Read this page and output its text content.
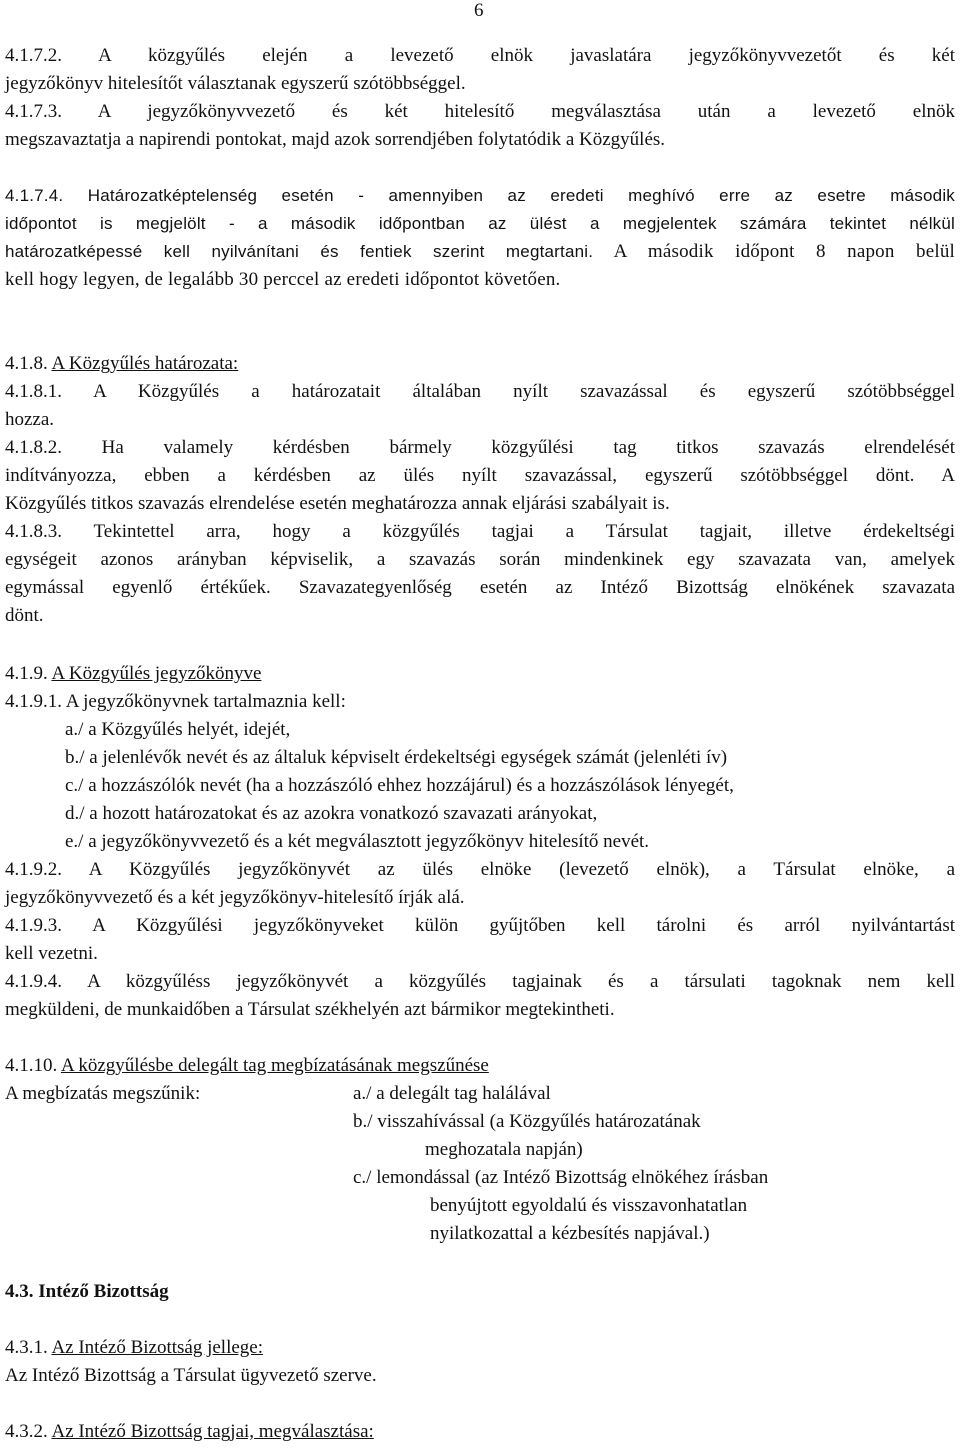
6
4.1.7.2. A közgyűlés elején a levezető elnök javaslatára jegyzőkönyvvezetőt és két
jegyzőkönyv hitelesítőt választanak egyszerű szótöbbséggel.
4.1.7.3. A jegyzőkönyvvezető és két hitelesítő megválasztása után a levezető elnök
megszavaztatja a napirendi pontokat, majd azok sorrendjében folytatódik a Közgyűlés.
4.1.7.4. Határozatképtelenség esetén - amennyiben az eredeti meghívó erre az esetre második
időpontot is megjelölt - a második időpontban az ülést a megjelentek számára tekintet nélkül
határozatképessé kell nyilvánítani és fentiek szerint megtartani. A második időpont 8 napon belül
kell hogy legyen, de legalább 30 perccel az eredeti időpontot követően.
4.1.8. A Közgyűlés határozata:
4.1.8.1. A Közgyűlés a határozatait általában nyílt szavazással és egyszerű szótöbbséggel
hozza.
4.1.8.2. Ha valamely kérdésben bármely közgyűlési tag titkos szavazás elrendelését
indítványozza, ebben a kérdésben az ülés nyílt szavazással, egyszerű szótöbbséggel dönt. A
Közgyűlés titkos szavazás elrendelése esetén meghatározza annak eljárási szabályait is.
4.1.8.3. Tekintettel arra, hogy a közgyűlés tagjai a Társulat tagjait, illetve érdekeltségi
egységeit azonos arányban képviselik, a szavazás során mindenkinek egy szavazata van, amelyek
egymással egyenlő értékűek. Szavazategyenlőség esetén az Intéző Bizottság elnökének szavazata
dönt.
4.1.9. A Közgyűlés jegyzőkönyve
4.1.9.1. A jegyzőkönyvnek tartalmaznia kell:
a./ a Közgyűlés helyét, idejét,
b./ a jelenlévők nevét és az általuk képviselt érdekeltségi egységek számát (jelenléti ív)
c./ a hozzászólók nevét (ha a hozzászóló ehhez hozzájárul) és a hozzászólások lényegét,
d./ a hozott határozatokat és az azokra vonatkozó szavazati arányokat,
e./ a jegyzőkönyvvezető és a két megválasztott jegyzőkönyv hitelesítő nevét.
4.1.9.2. A Közgyűlés jegyzőkönyvét az ülés elnöke (levezető elnök), a Társulat elnöke, a
jegyzőkönyvvezető és a két jegyzőkönyv-hitelesítő írják alá.
4.1.9.3. A Közgyűlési jegyzőkönyveket külön gyűjtőben kell tárolni és arról nyilvántartást
kell vezetni.
4.1.9.4. A közgyűléss jegyzőkönyvét a közgyűlés tagjainak és a társulati tagoknak nem kell
megküldeni, de munkaidőben a Társulat székhelyén azt bármikor megtekintheti.
4.1.10. A közgyűlésbe delegált tag megbízatásának megszűnése
A megbízatás megszűnik:	a./ a delegált tag halálával
b./ visszahívással (a Közgyűlés határozatának
meghozatala napján)
c./ lemondással (az Intéző Bizottság elnökéhez írásban
benyújtott egyoldalú és visszavonhatatlan
nyilatkozattal a kézbesítés napjával.)
4.3. Intéző Bizottság
4.3.1. Az Intéző Bizottság jellege:
Az Intéző Bizottság a Társulat ügyvezető szerve.
4.3.2. Az Intéző Bizottság tagjai, megválasztása:
